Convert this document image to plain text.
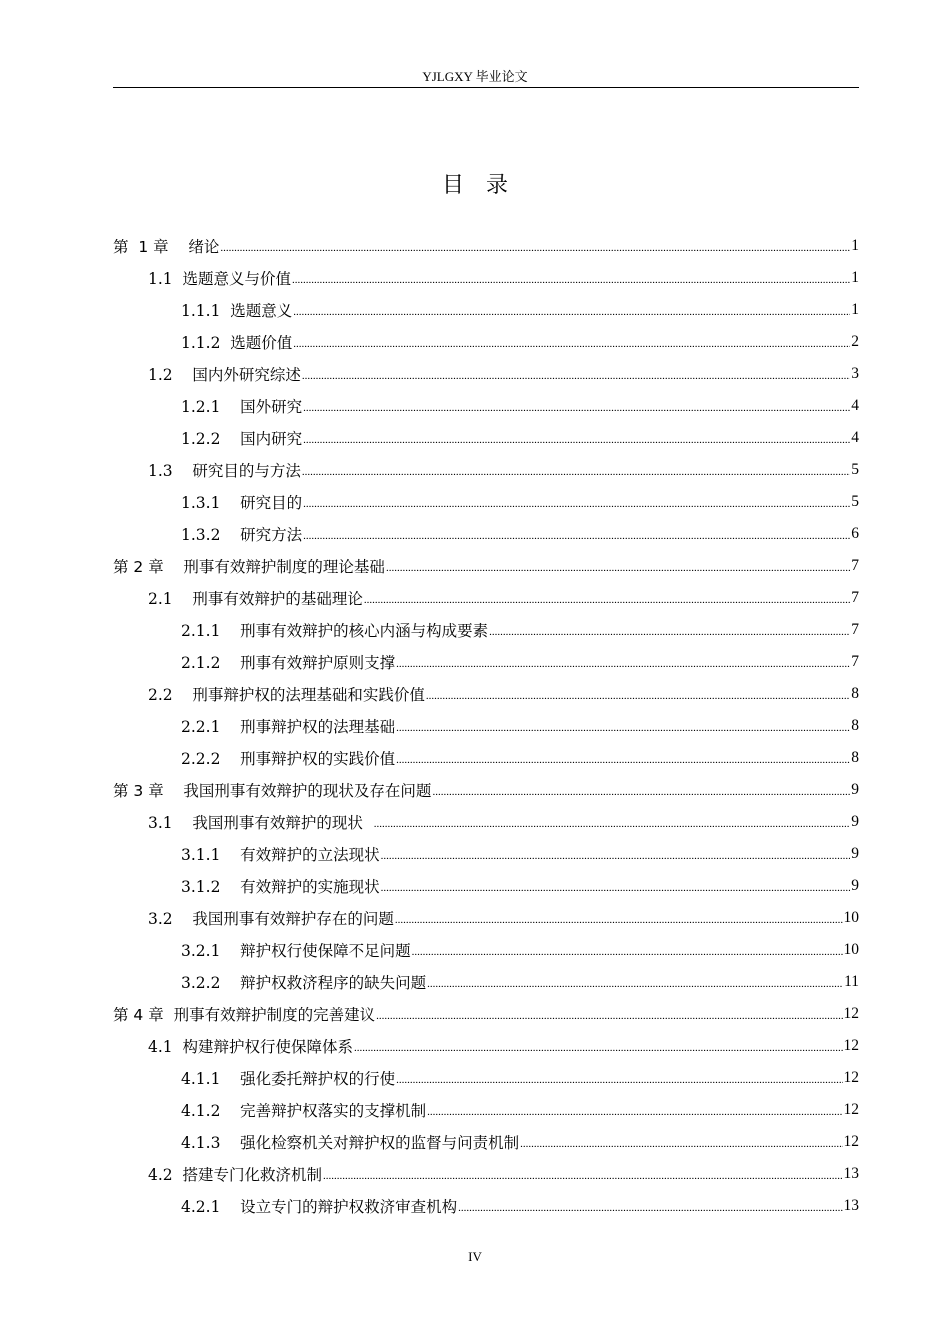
YJLGXY 毕业论文
目录
第  1 章    绪论 .....	1
1.1  选题意义与价值 .....	1
1.1.1  选题意义 .....	1
1.1.2  选题价值 .....	2
1.2    国内外研究综述 .....	3
1.2.1    国外研究 .....	4
1.2.2    国内研究 .....	4
1.3    研究目的与方法 .....	5
1.3.1    研究目的 .....	5
1.3.2    研究方法 .....	6
第 2 章    刑事有效辩护制度的理论基础 .....	7
2.1    刑事有效辩护的基础理论 .....	7
2.1.1    刑事有效辩护的核心内涵与构成要素 .....	7
2.1.2    刑事有效辩护原则支撑 .....	7
2.2    刑事辩护权的法理基础和实践价值 .....	8
2.2.1    刑事辩护权的法理基础 .....	8
2.2.2    刑事辩护权的实践价值 .....	8
第 3 章    我国刑事有效辩护的现状及存在问题 .....	9
3.1    我国刑事有效辩护的现状 .....	9
3.1.1    有效辩护的立法现状 .....	9
3.1.2    有效辩护的实施现状 .....	9
3.2    我国刑事有效辩护存在的问题 .....	10
3.2.1    辩护权行使保障不足问题 .....	10
3.2.2    辩护权救济程序的缺失问题 .....	11
第 4 章  刑事有效辩护制度的完善建议 .....	12
4.1  构建辩护权行使保障体系 .....	12
4.1.1    强化委托辩护权的行使 .....	12
4.1.2    完善辩护权落实的支撑机制 .....	12
4.1.3    强化检察机关对辩护权的监督与问责机制 .....	12
4.2  搭建专门化救济机制 .....	13
4.2.1    设立专门的辩护权救济审查机构 .....	13
IV
